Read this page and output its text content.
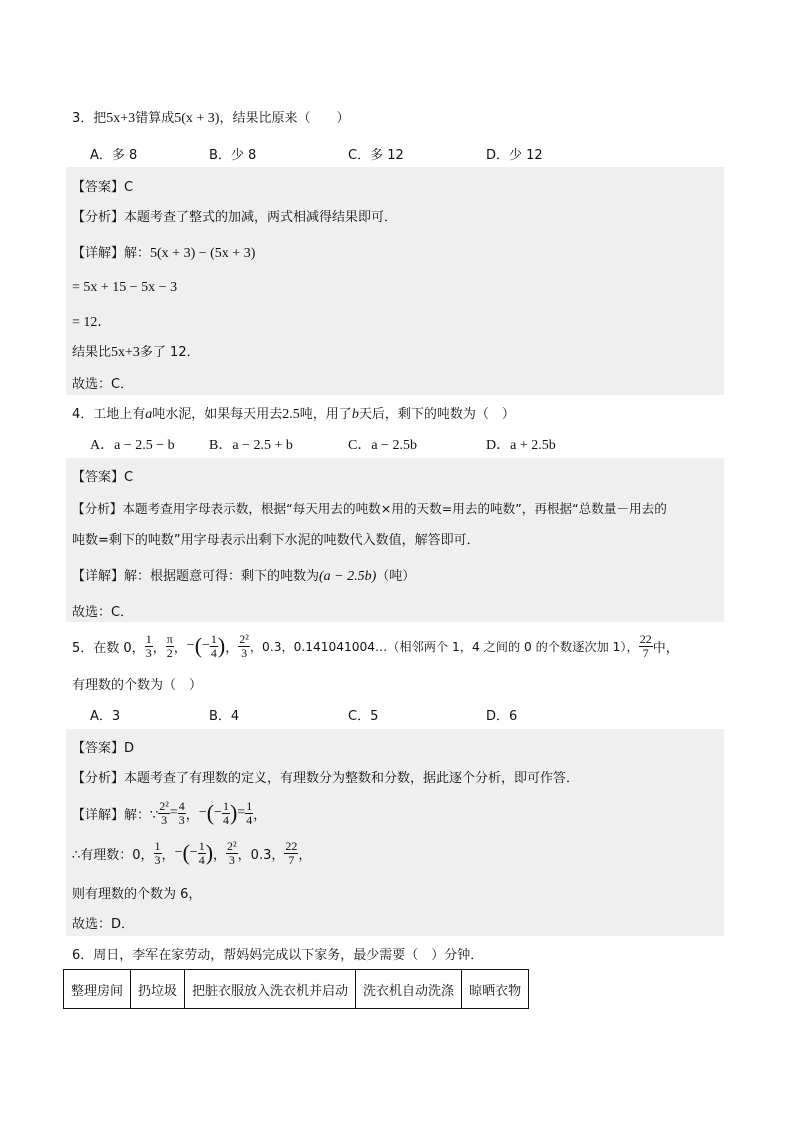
3．把5x+3错算成5(x + 3)，结果比原来（　　）
A．多 8	B．少 8	C．多 12	D．少 12
【答案】C
【分析】本题考查了整式的加减，两式相减得结果即可．
【详解】解：5(x + 3) − (5x + 3)
= 5x + 15 − 5x − 3
= 12．
结果比5x+3多了 12．
故选：C．
4．工地上有a吨水泥，如果每天用去2.5吨，用了b天后，剩下的吨数为（　）
A．a − 2.5 − b B．a − 2.5 + b	C．a − 2.5b	D．a + 2.5b
【答案】C
【分析】本题考查用字母表示数，根据“每天用去的吨数×用的天数=用去的吨数”，再根据“总数量－用去的
吨数=剩下的吨数”用字母表示出剩下水泥的吨数代入数值，解答即可．
【详解】解：根据题意可得：剩下的吨数为(a − 2.5b)（吨）
故选：C．
5．在数 0， $\frac{1}{3}$ ， $\frac{\pi}{2}$ ， − ( − $\frac{1}{4}$ ) ， $\frac{\text{2²}}{3}$ ，0.3，0.141041004…（相邻两个 1，4 之间的 0 的个数逐次加 1）， $\frac{22}{7}$ 中，
有理数的个数为（　）
A．3	B．4	C．5	D．6
【答案】D
【分析】本题考查了有理数的定义，有理数分为整数和分数，据此逐个分析，即可作答．
【详解】解：∵ $\frac{\text{2²}}{3} = \frac{4}{3}$ ， − ( − $\frac{1}{4}$ ) = $\frac{1}{4}$ ，
∴有理数：0， $\frac{1}{3}$ ， − ( − $\frac{1}{4}$ ) ， $\frac{\text{2²}}{3}$ ， 0.3， $\frac{22}{7}$ ，
则有理数的个数为 6，
故选：D．
6．周日，李军在家劳动，帮妈妈完成以下家务，最少需要（　）分钟．
整理房间	扔垃圾	把脏衣服放入洗衣机并启动	洗衣机自动洗涤	晾晒衣物
